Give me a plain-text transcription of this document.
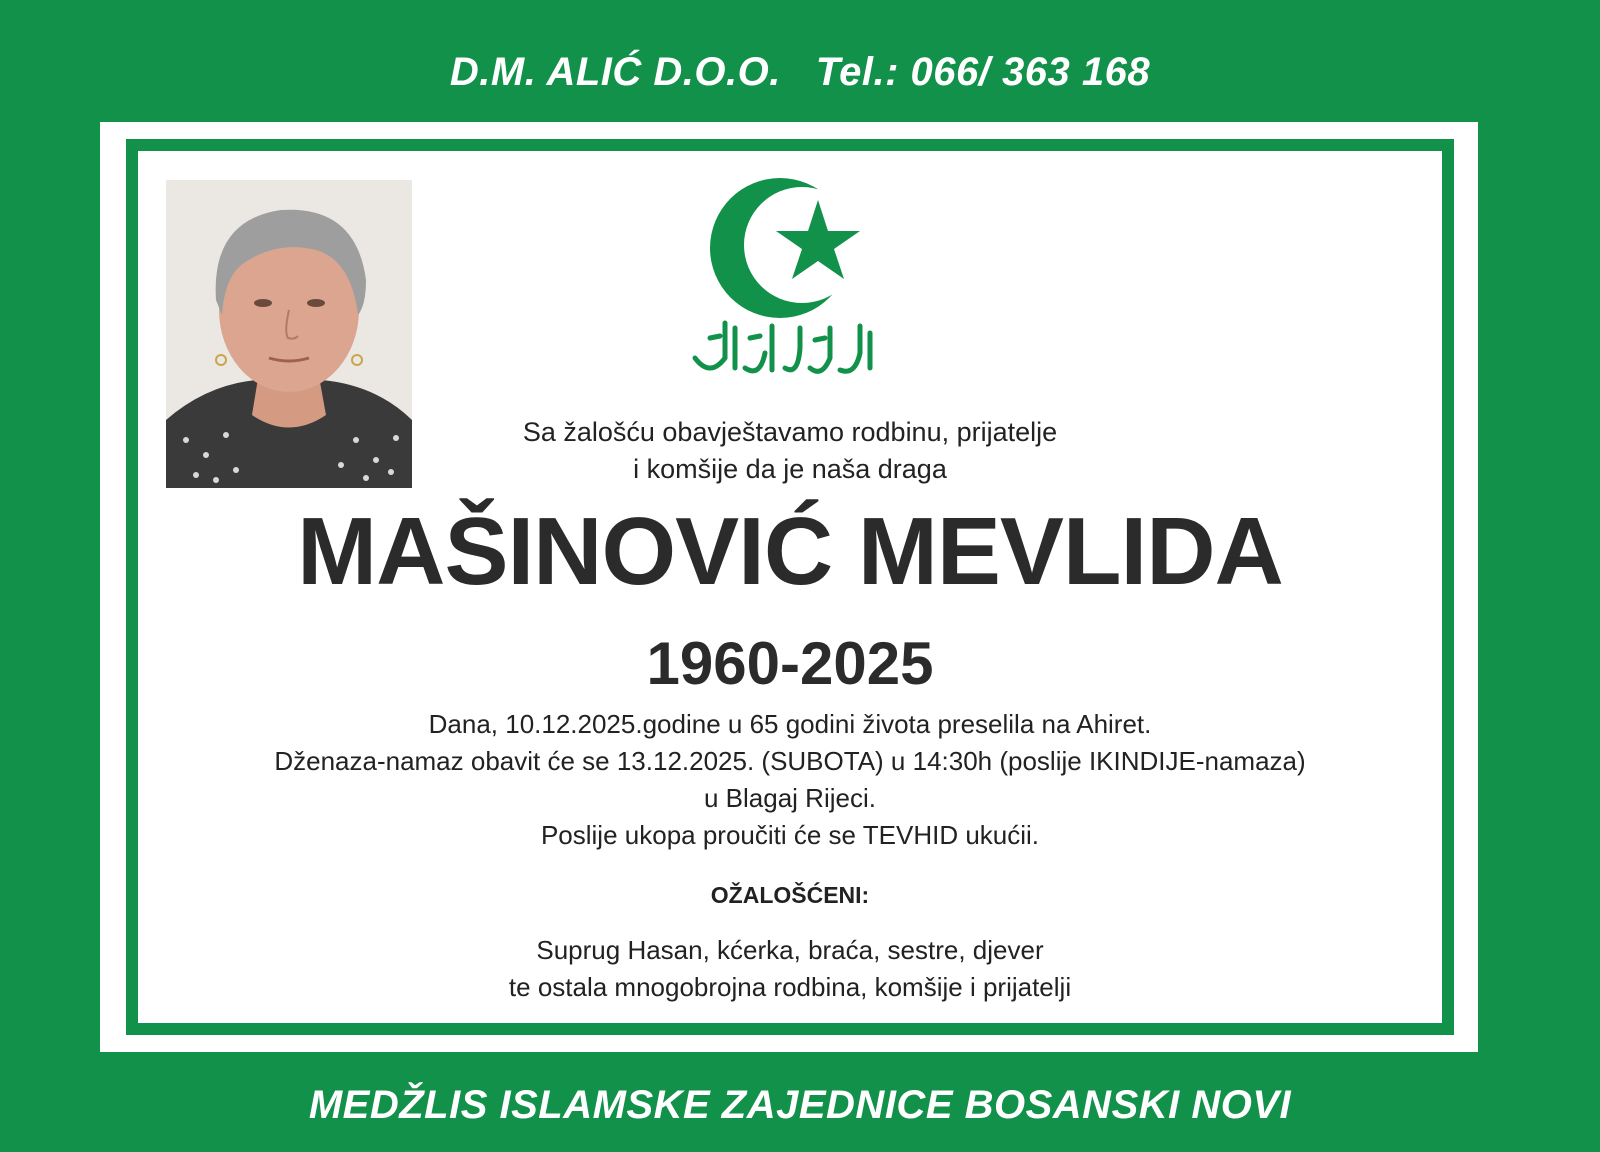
D.M. ALIĆ D.O.O. Tel.: 066/ 363 168
Sa žalošću obavještavamo rodbinu, prijatelje
i komšije da je naša draga
MAŠINOVIĆ MEVLIDA
1960-2025
Dana, 10.12.2025.godine u 65 godini života preselila na Ahiret.
Dženaza-namaz obavit će se 13.12.2025. (SUBOTA) u 14:30h (poslije IKINDIJE-namaza)
u Blagaj Rijeci.
Poslije ukopa proučiti će se TEVHID ukućii.
OŽALOŠĆENI:
Suprug Hasan, kćerka, braća, sestre, djever
te ostala mnogobrojna rodbina, komšije i prijatelji
MEDŽLIS ISLAMSKE ZAJEDNICE BOSANSKI NOVI
